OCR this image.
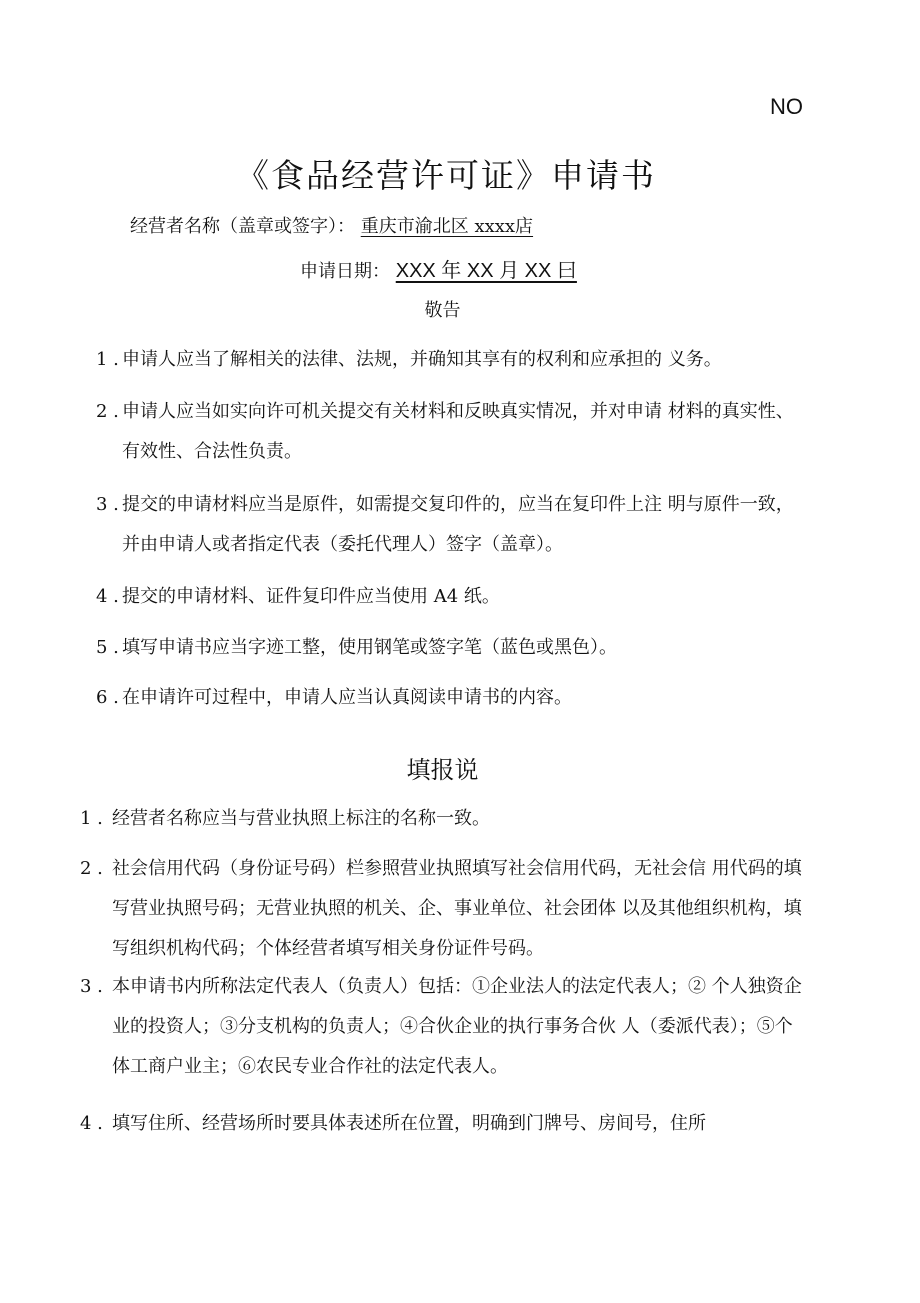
NO
《食品经营许可证》申请书
经营者名称（盖章或签字）： 重庆市渝北区 xxxx店
申请日期： XXX 年 XX 月 XX 曰
敬告
1 . 申请人应当了解相关的法律、法规，并确知其享有的权利和应承担的 义务。
2 . 申请人应当如实向许可机关提交有关材料和反映真实情况，并对申请 材料的真实性、有效性、合法性负责。
3 . 提交的申请材料应当是原件，如需提交复印件的，应当在复印件上注 明与原件一致，并由申请人或者指定代表（委托代理人）签字（盖章）。
4 . 提交的申请材料、证件复印件应当使用 A4 纸。
5 . 填写申请书应当字迹工整，使用钢笔或签字笔（蓝色或黑色）。
6 . 在申请许可过程中，申请人应当认真阅读申请书的内容。
填报说
1 . 经营者名称应当与营业执照上标注的名称一致。
2 . 社会信用代码（身份证号码）栏参照营业执照填写社会信用代码，无社会信 用代码的填写营业执照号码；无营业执照的机关、企、事业单位、社会团体 以及其他组织机构，填写组织机构代码；个体经营者填写相关身份证件号码。
3 . 本申请书内所称法定代表人（负责人）包括：①企业法人的法定代表人；② 个人独资企业的投资人；③分支机构的负责人；④合伙企业的执行事务合伙 人（委派代表）；⑤个体工商户业主；⑥农民专业合作社的法定代表人。
4 . 填写住所、经营场所时要具体表述所在位置，明确到门牌号、房间号，住所
